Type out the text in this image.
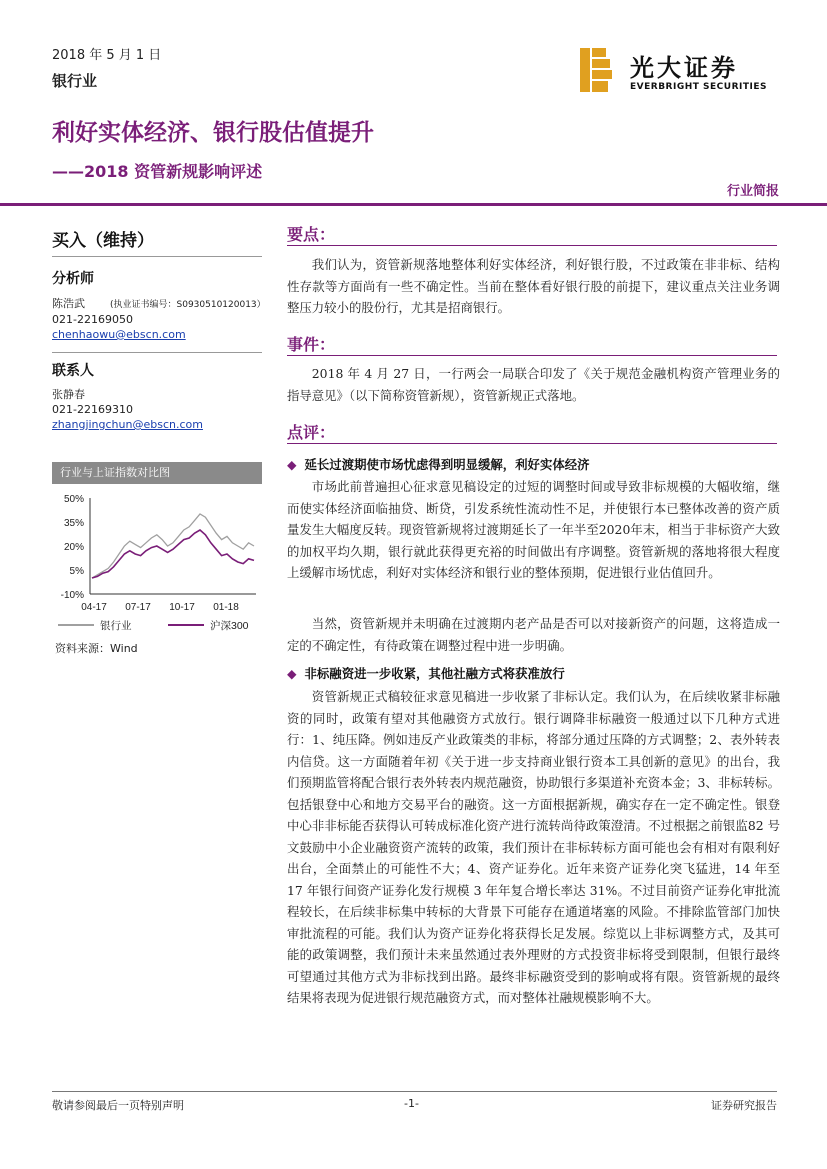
2018 年 5 月 1 日
银行业	光大证券
EVERBRIGHT SECURITIES
利好实体经济、银行股估值提升
——2018 资管新规影响评述
行业简报
买入（维持）
分析师
陈浩武	(执业证书编号：S0930510120013）
021-22169050
chenhaowu@ebscn.com
联系人
张静春
021-22169310
zhangjingchun@ebscn.com
行业与上证指数对比图
50%
35%
20%
5%
-10%
04-17 07-17 10-17 01-18
银行业	沪深300
资料来源：Wind
要点：
我们认为，资管新规落地整体利好实体经济，利好银行股，不过政策在非非标、结构性存款等方面尚有一些不确定性。当前在整体看好银行股的前提下，建议重点关注业务调整压力较小的股份行，尤其是招商银行。
事件：
2018 年 4 月 27 日，一行两会一局联合印发了《关于规范金融机构资产管理业务的指导意见》（以下简称资管新规），资管新规正式落地。
点评：
◆ 延长过渡期使市场忧虑得到明显缓解，利好实体经济
市场此前普遍担心征求意见稿设定的过短的调整时间或导致非标规模的大幅收缩，继而使实体经济面临抽贷、断贷，引发系统性流动性不足，并使银行本已整体改善的资产质量发生大幅度反转。现资管新规将过渡期延长了一年半至2020年末，相当于非标资产大致的加权平均久期，银行就此获得更充裕的时间做出有序调整。资管新规的落地将很大程度上缓解市场忧虑，利好对实体经济和银行业的整体预期，促进银行业估值回升。
当然，资管新规并未明确在过渡期内老产品是否可以对接新资产的问题，这将造成一定的不确定性，有待政策在调整过程中进一步明确。
◆ 非标融资进一步收紧，其他社融方式将获准放行
资管新规正式稿较征求意见稿进一步收紧了非标认定。我们认为，在后续收紧非标融资的同时，政策有望对其他融资方式放行。银行调降非标融资一般通过以下几种方式进行：1、纯压降。例如违反产业政策类的非标，将部分通过压降的方式调整；2、表外转表内信贷。这一方面随着年初《关于进一步支持商业银行资本工具创新的意见》的出台，我们预期监管将配合银行表外转表内规范融资，协助银行多渠道补充资本金；3、非标转标。包括银登中心和地方交易平台的融资。这一方面根据新规，确实存在一定不确定性。银登中心非非标能否获得认可转成标准化资产进行流转尚待政策澄清。不过根据之前银监82 号文鼓励中小企业融资资产流转的政策，我们预计在非标转标方面可能也会有相对有限利好出台，全面禁止的可能性不大；4、资产证券化。近年来资产证券化突飞猛进，14 年至 17 年银行间资产证券化发行规模 3 年年复合增长率达 31%。不过目前资产证券化审批流程较长，在后续非标集中转标的大背景下可能存在通道堵塞的风险。不排除监管部门加快审批流程的可能。我们认为资产证券化将获得长足发展。综览以上非标调整方式，及其可能的政策调整，我们预计未来虽然通过表外理财的方式投资非标将受到限制，但银行最终可望通过其他方式为非标找到出路。最终非标融资受到的影响或将有限。资管新规的最终结果将表现为促进银行规范融资方式，而对整体社融规模影响不大。
敬请参阅最后一页特别声明	-1-	证券研究报告
